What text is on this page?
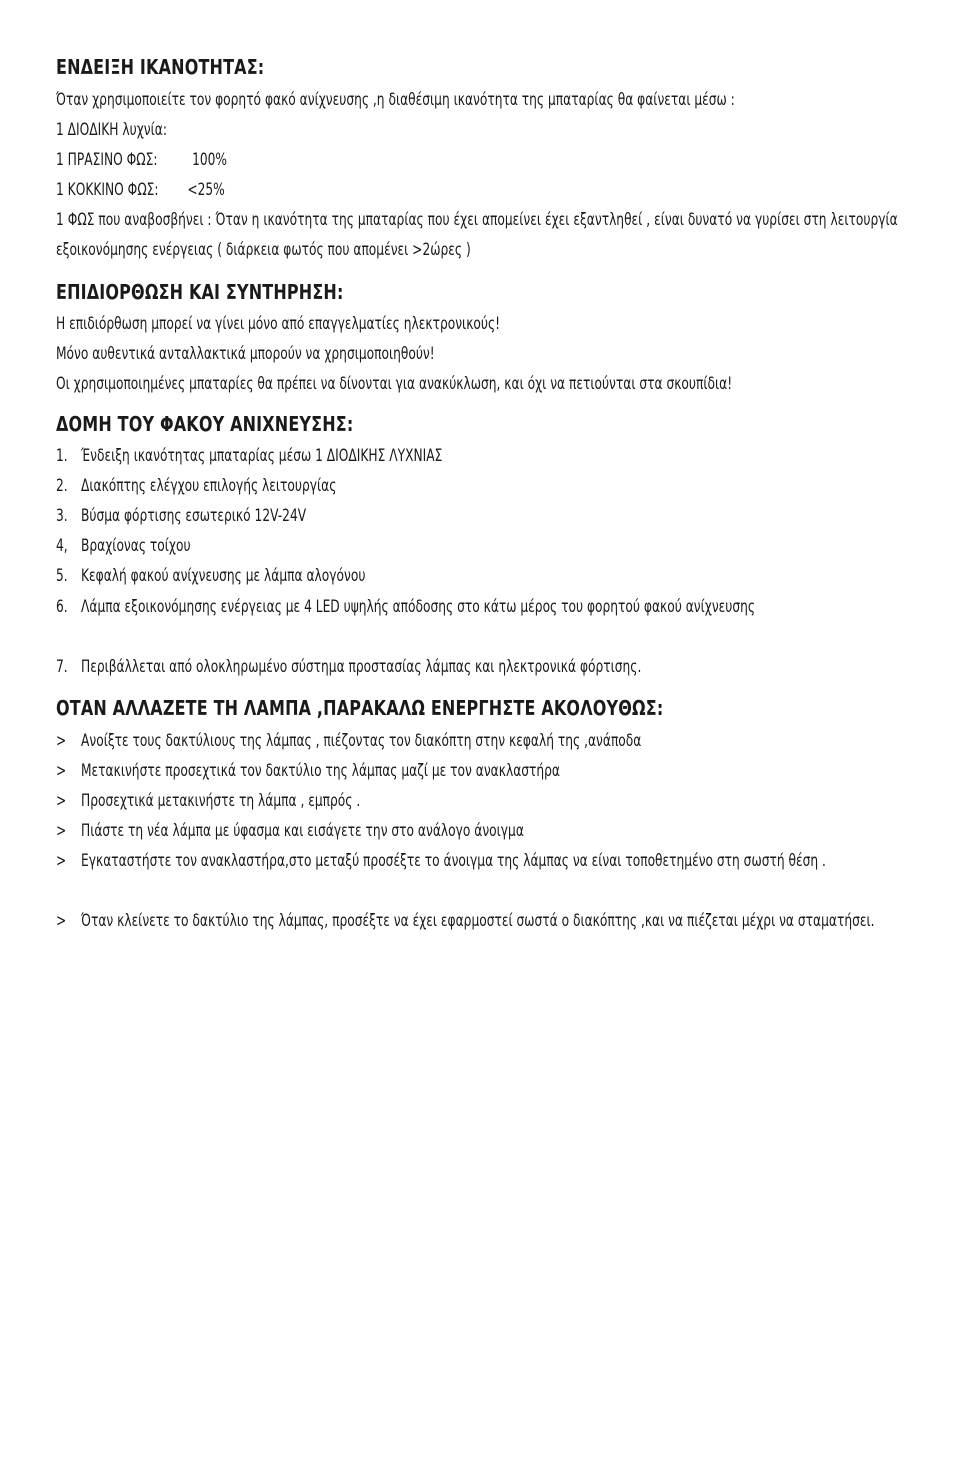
ΕΝΔΕΙΞΗ ΙΚΑΝΟΤΗΤΑΣ:

Όταν χρησιμοποιείτε τον φορητό φακό ανίχνευσης ,η διαθέσιμη ικανότητα της μπαταρίας θα φαίνεται μέσω :

1 ΔΙΟΔΙΚΗ λυχνία:

1 ΠΡΑΣΙΝΟ ΦΩΣ: 100%

1 ΚΟΚΚΙΝΟ ΦΩΣ: <25%

1 ΦΩΣ που αναβοσβήνει : Όταν η ικανότητα της μπαταρίας που έχει απομείνει έχει εξαντληθεί , είναι δυνατό να γυρίσει στη λειτουργία εξοικονόμησης ενέργειας ( διάρκεια φωτός που απομένει >2ώρες )
ΕΠΙΔΙΟΡΘΩΣΗ ΚΑΙ ΣΥΝΤΗΡΗΣΗ:

Η επιδιόρθωση μπορεί να γίνει μόνο από επαγγελματίες ηλεκτρονικούς!

Μόνο αυθεντικά ανταλλακτικά μπορούν να χρησιμοποιηθούν!

Οι χρησιμοποιημένες μπαταρίες θα πρέπει να δίνονται για ανακύκλωση, και όχι να πετιούνται στα σκουπίδια!

ΔΟΜΗ ΤΟΥ ΦΑΚΟΥ ΑΝΙΧΝΕΥΣΗΣ:
1. Ένδειξη ικανότητας μπαταρίας μέσω 1 ΔΙΟΔΙΚΗΣ ΛΥΧΝΙΑΣ
2. Διακόπτης ελέγχου επιλογής λειτουργίας
3. Βύσμα φόρτισης εσωτερικό 12V-24V
4, Βραχίονας τοίχου
5. Κεφαλή φακού ανίχνευσης με λάμπα αλογόνου
6. Λάμπα εξοικονόμησης ενέργειας με 4 LED υψηλής απόδοσης στο κάτω μέρος του φορητού φακού ανίχνευσης
7. Περιβάλλεται από ολοκληρωμένο σύστημα προστασίας λάμπας και ηλεκτρονικά φόρτισης.
ΟΤΑΝ ΑΛΛΑΖΕΤΕ ΤΗ ΛΑΜΠΑ ,ΠΑΡΑΚΑΛΩ ΕΝΕΡΓΗΣΤΕ ΑΚΟΛΟΥΘΩΣ:
> Ανοίξτε τους δακτύλιους της λάμπας , πιέζοντας τον διακόπτη στην κεφαλή της ,ανάποδα
> Μετακινήστε προσεχτικά τον δακτύλιο της λάμπας μαζί με τον ανακλαστήρα
> Προσεχτικά μετακινήστε τη λάμπα , εμπρός .
> Πιάστε τη νέα λάμπα με ύφασμα και εισάγετε την στο ανάλογο άνοιγμα
> Εγκαταστήστε τον ανακλαστήρα,στο μεταξύ προσέξτε το άνοιγμα της λάμπας να είναι τοποθετημένο στη σωστή θέση .
> Όταν κλείνετε το δακτύλιο της λάμπας, προσέξτε να έχει εφαρμοστεί σωστά ο διακόπτης ,και να πιέζεται μέχρι να σταματήσει.
